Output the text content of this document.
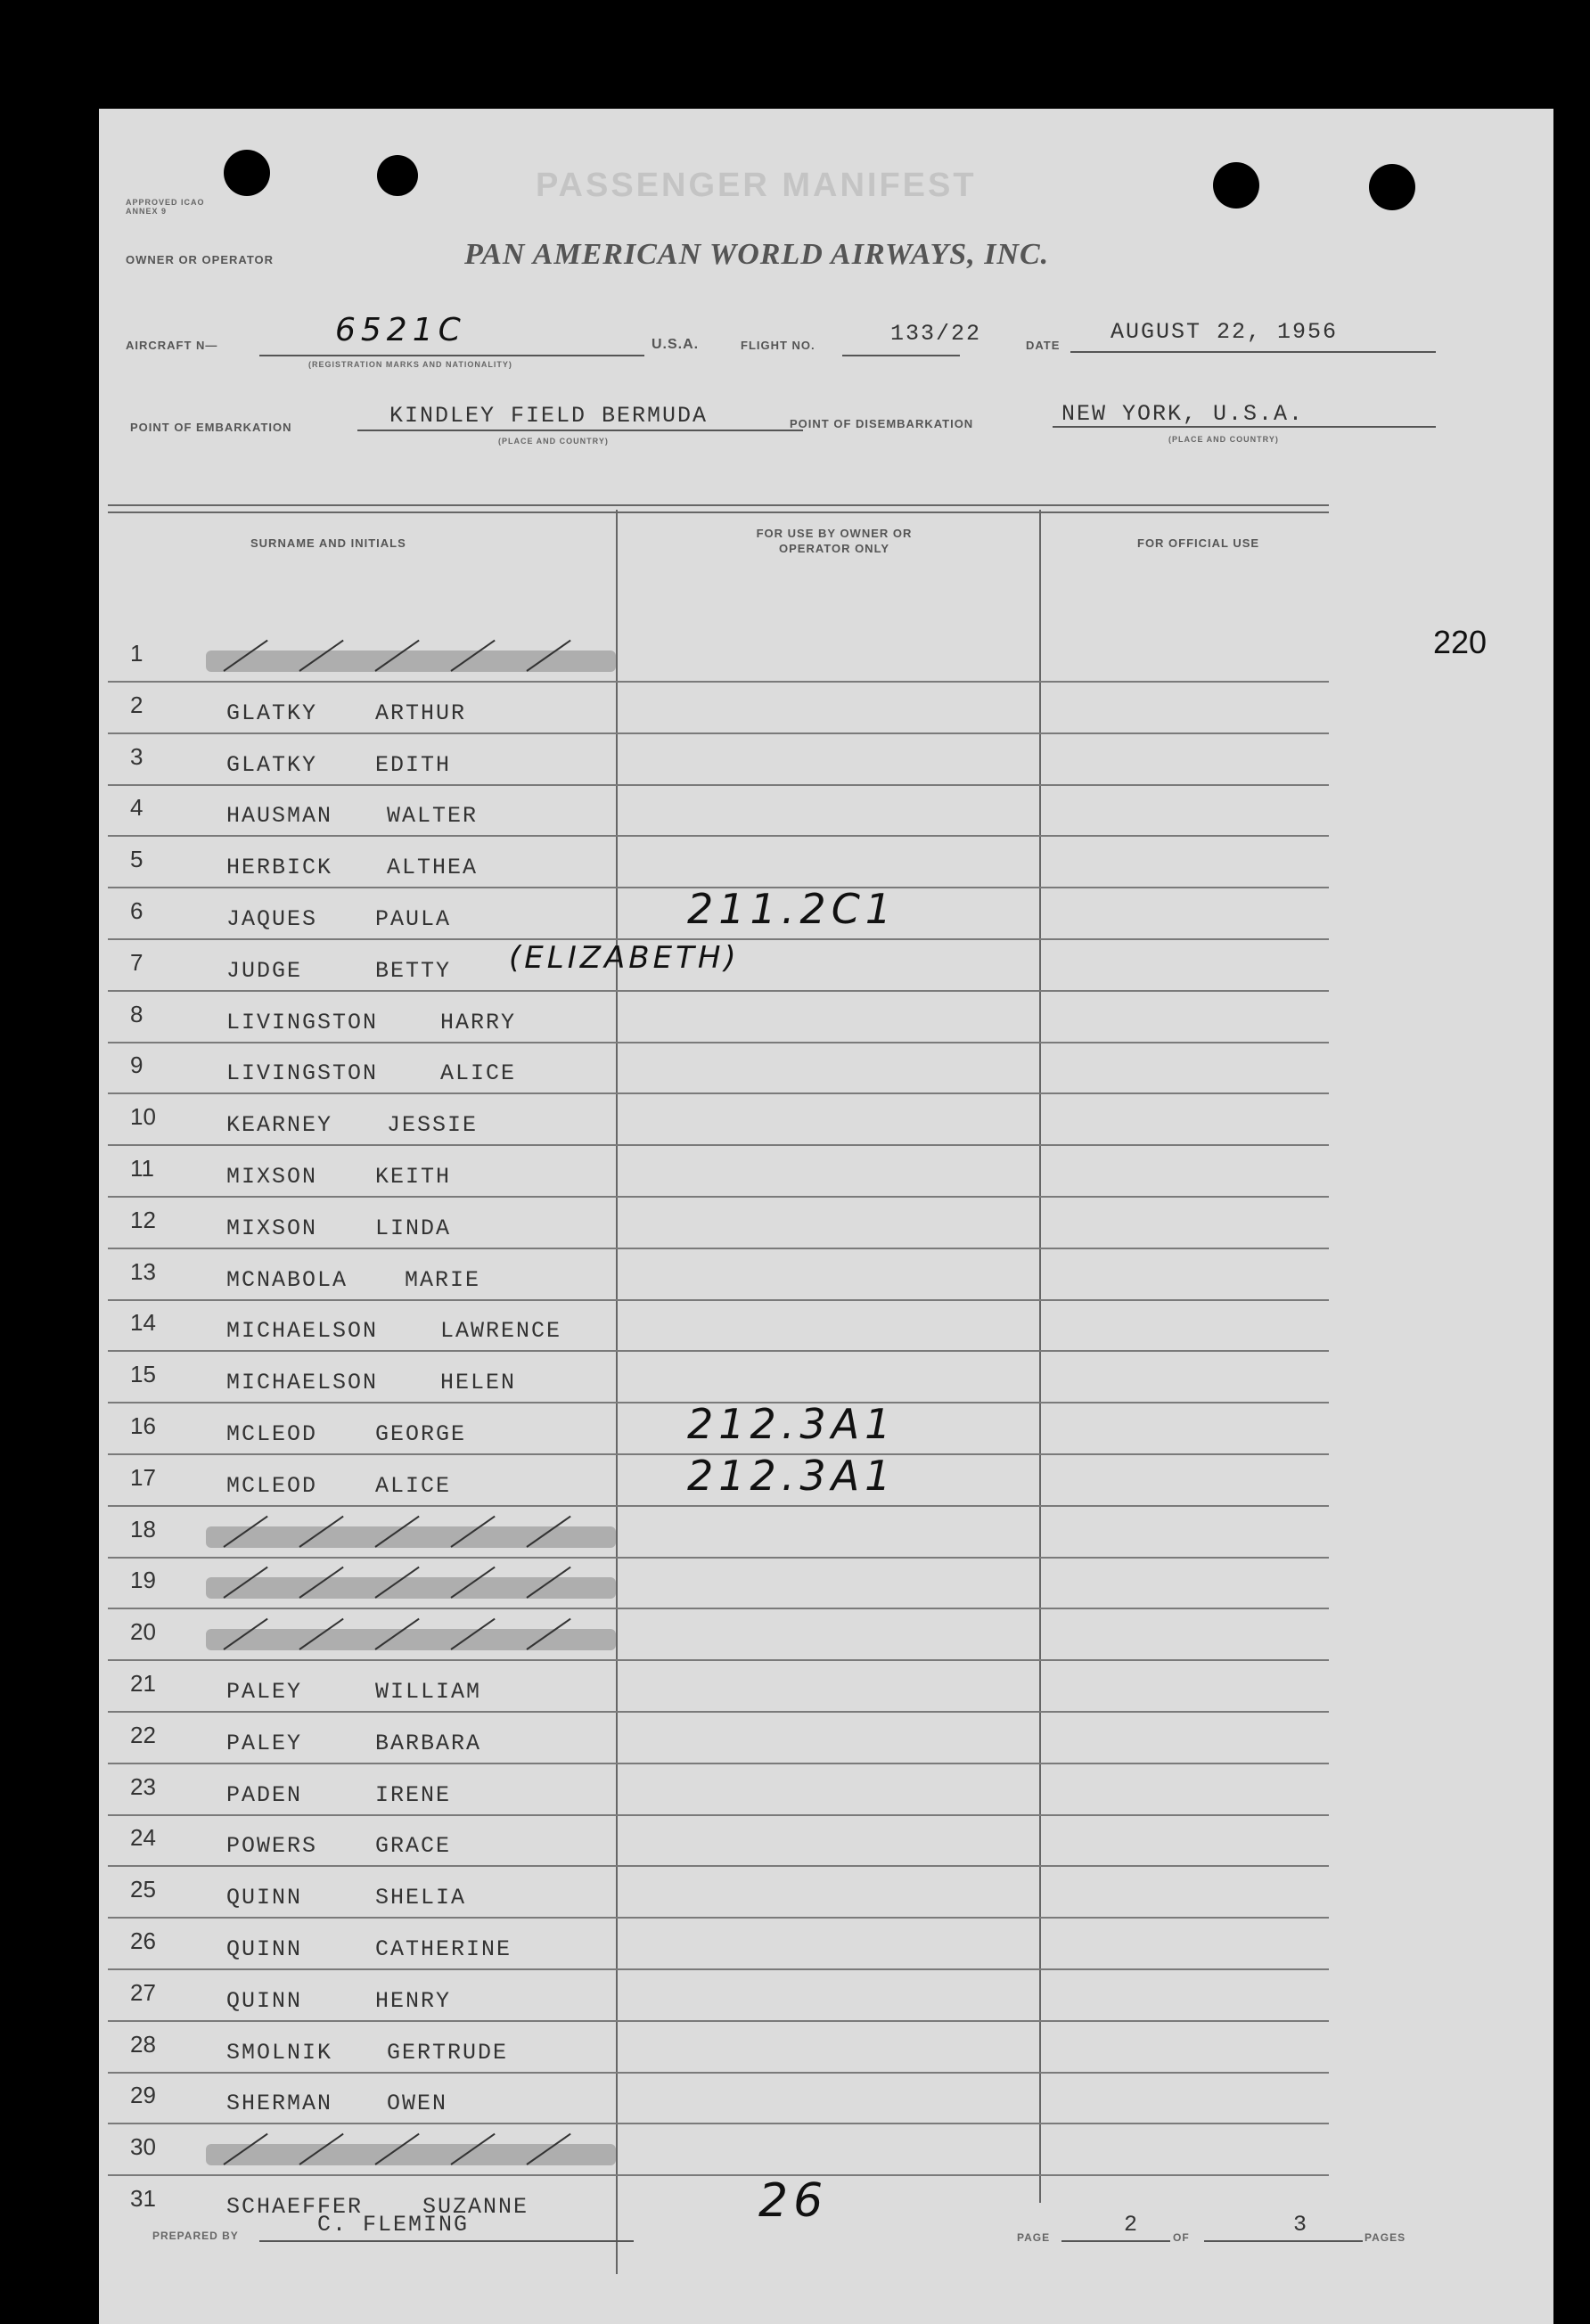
APPROVED ICAO ANNEX 9
PASSENGER MANIFEST
OWNER OR OPERATOR	PAN AMERICAN WORLD AIRWAYS, INC.
AIRCRAFT N—	6521C
(REGISTRATION MARKS AND NATIONALITY)
U.S.A.	FLIGHT NO.	133/22	DATE
AUGUST 22, 1956
POINT OF EMBARKATION	KINDLEY FIELD BERMUDA
(PLACE AND COUNTRY)
POINT OF DISEMBARKATION	NEW YORK, U.S.A.
(PLACE AND COUNTRY)
SURNAME AND INITIALS
FOR USE BY OWNER OR OPERATOR ONLY	FOR OFFICIAL USE
220
1
2	GLATKY	ARTHUR
3	GLATKY	EDITH
4	HAUSMAN WALTER
5	HERBICK ALTHEA
6	JAQUES	PAULA	211.2C1
7	JUDGE	BETTY (ELIZABETH)
8	LIVINGSTON	HARRY
9	LIVINGSTON	ALICE
10	KEARNEY JESSIE
11	MIXSON	KEITH
12	MIXSON	LINDA
13	MCNABOLA	MARIE
14	MICHAELSON	LAWRENCE
15	MICHAELSON	HELEN
16	MCLEOD	GEORGE	212.3A1
17	MCLEOD	ALICE	212.3A1
18
19
20
21	PALEY	WILLIAM
22	PALEY	BARBARA
23	PADEN	IRENE
24	POWERS	GRACE
25	QUINN	SHELIA
26	QUINN	CATHERINE
27	QUINN	HENRY
28	SMOLNIK GERTRUDE
29	SHERMAN OWEN
30
31	SCHAEFFER	SUZANNE
PREPARED BY	C. FLEMING	26
PAGE	2	OF	3	PAGES
